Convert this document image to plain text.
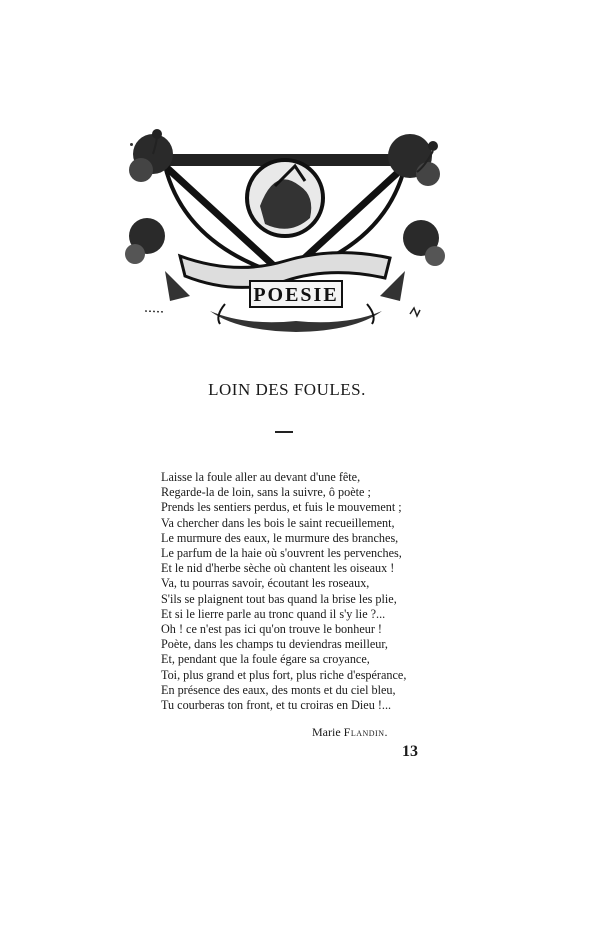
POESIE
LOIN DES FOULES.
Laisse la foule aller au devant d'une fête,
Regarde-la de loin, sans la suivre, ô poète ;
Prends les sentiers perdus, et fuis le mouvement ;
Va chercher dans les bois le saint recueillement,
Le murmure des eaux, le murmure des branches,
Le parfum de la haie où s'ouvrent les pervenches,
Et le nid d'herbe sèche où chantent les oiseaux !
Va, tu pourras savoir, écoutant les roseaux,
S'ils se plaignent tout bas quand la brise les plie,
Et si le lierre parle au tronc quand il s'y lie ?...
Oh ! ce n'est pas ici qu'on trouve le bonheur !
Poète, dans les champs tu deviendras meilleur,
Et, pendant que la foule égare sa croyance,
Toi, plus grand et plus fort, plus riche d'espérance,
En présence des eaux, des monts et du ciel bleu,
Tu courberas ton front, et tu croiras en Dieu !...
Marie Flandin.
13
